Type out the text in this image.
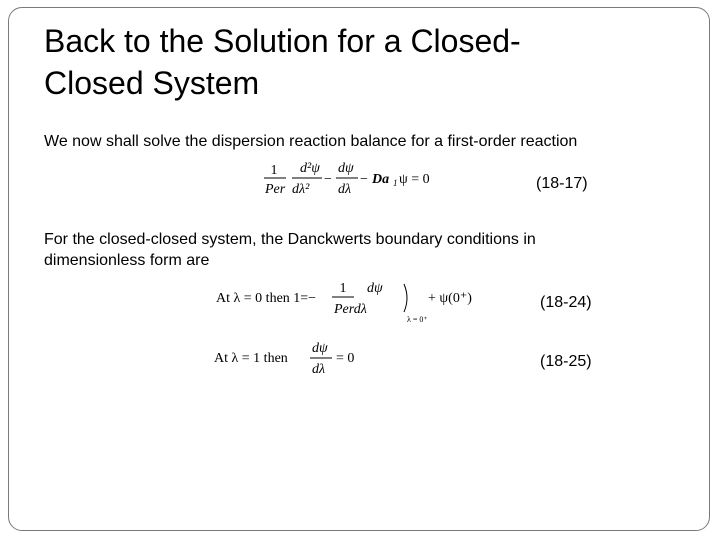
Back to the Solution for a Closed-
Closed System

We now shall solve the dispersion reaction balance for a first-order reaction

1
Per
d²ψ
dλ²
−
dψ
dλ
− Da 1 ψ = 0	(18-17)

For the closed-closed system, the Danckwerts boundary conditions in
dimensionless form are

At λ = 0 then 1=−
1 dψ
Perdλ
λ = 0⁺
+ ψ(0⁺)	(18-24)
At λ = 1 then
dψ
dλ
= 0	(18-25)
